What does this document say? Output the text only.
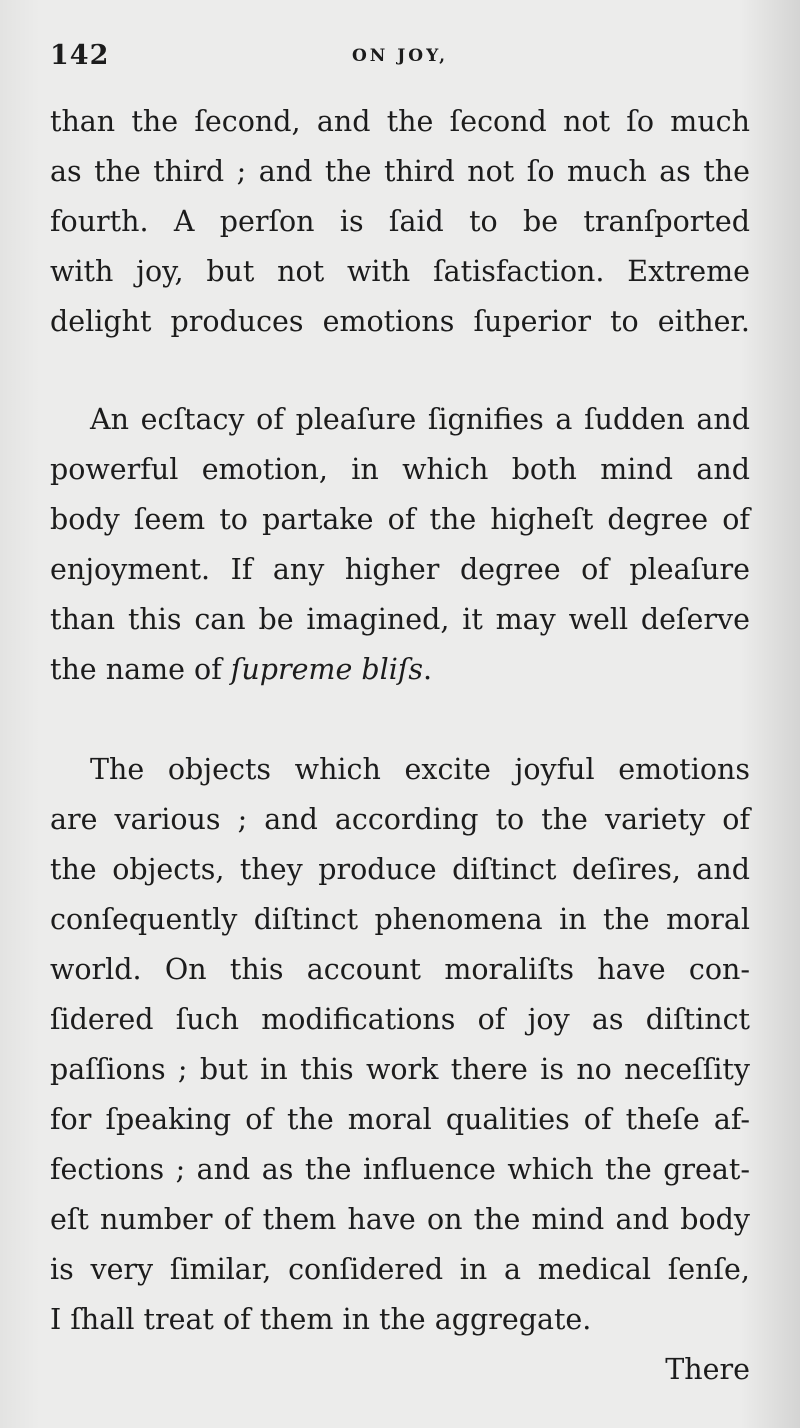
142	ON JOY,
than the ſecond, and the ſecond not ſo much
as the third ; and the third not ſo much as the
fourth. A perſon is ſaid to be tranſported
with joy, but not with ſatisfaction. Extreme
delight produces emotions ſuperior to either.
An ecſtacy of pleaſure ſignifies a ſudden and
powerful emotion, in which both mind and
body ſeem to partake of the higheſt degree of
enjoyment. If any higher degree of pleaſure
than this can be imagined, it may well deſerve
the name of ſupreme bliſs.
The objects which excite joyful emotions
are various ; and according to the variety of
the objects, they produce diſtinct deſires, and
conſequently diſtinct phenomena in the moral
world. On this account moraliſts have con-
ſidered ſuch modifications of joy as diſtinct
paſſions ; but in this work there is no neceſſity
for ſpeaking of the moral qualities of theſe af-
fections ; and as the influence which the great-
eſt number of them have on the mind and body
is very ſimilar, conſidered in a medical ſenſe,
I ſhall treat of them in the aggregate.
There
